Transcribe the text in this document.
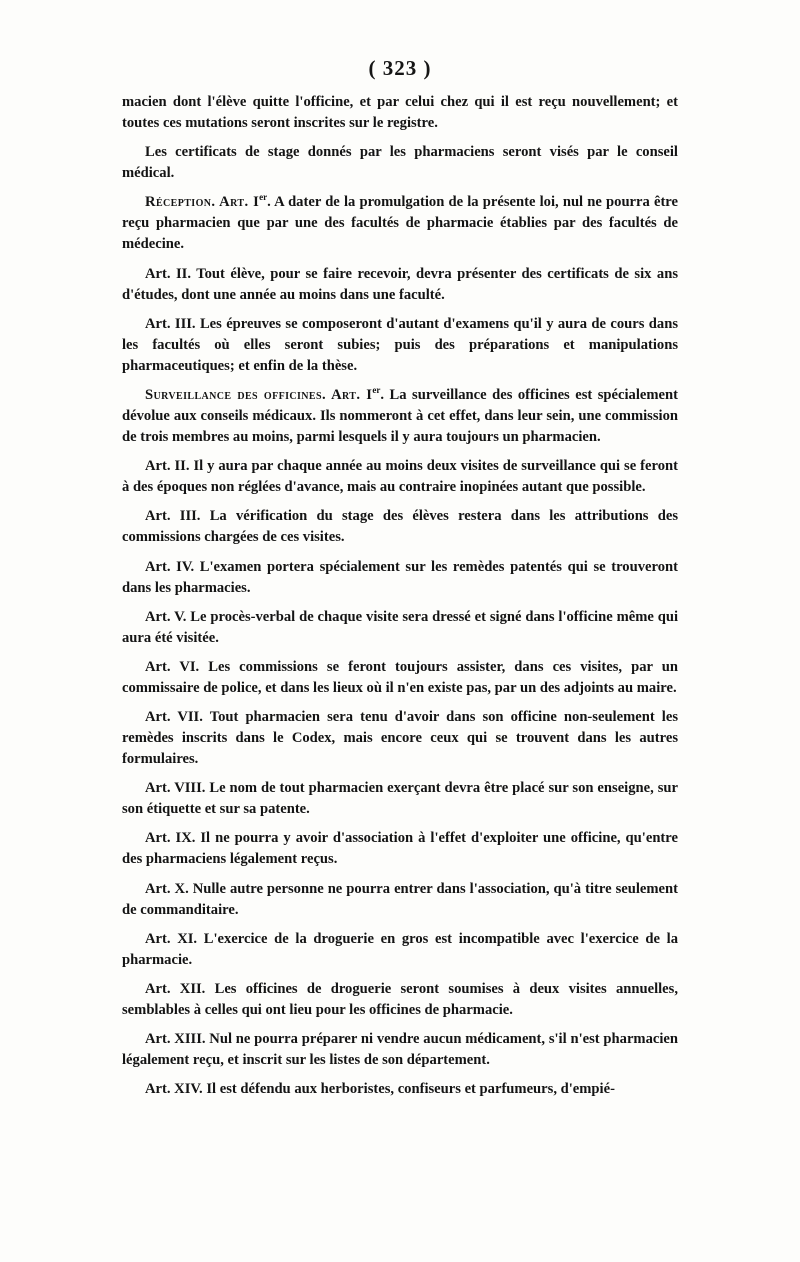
( 323 )

macien dont l'élève quitte l'officine, et par celui chez qui il est reçu nouvellement; et toutes ces mutations seront inscrites sur le registre.

Les certificats de stage donnés par les pharmaciens seront visés par le conseil médical.

Réception. Art. Ier. A dater de la promulgation de la présente loi, nul ne pourra être reçu pharmacien que par une des facultés de pharmacie établies par des facultés de médecine.

Art. II. Tout élève, pour se faire recevoir, devra présenter des certificats de six ans d'études, dont une année au moins dans une faculté.

Art. III. Les épreuves se composeront d'autant d'examens qu'il y aura de cours dans les facultés où elles seront subies; puis des préparations et manipulations pharmaceutiques; et enfin de la thèse.

Surveillance des officines. Art. Ier. La surveillance des officines est spécialement dévolue aux conseils médicaux. Ils nommeront à cet effet, dans leur sein, une commission de trois membres au moins, parmi lesquels il y aura toujours un pharmacien.

Art. II. Il y aura par chaque année au moins deux visites de surveillance qui se feront à des époques non réglées d'avance, mais au contraire inopinées autant que possible.

Art. III. La vérification du stage des élèves restera dans les attributions des commissions chargées de ces visites.

Art. IV. L'examen portera spécialement sur les remèdes patentés qui se trouveront dans les pharmacies.

Art. V. Le procès-verbal de chaque visite sera dressé et signé dans l'officine même qui aura été visitée.

Art. VI. Les commissions se feront toujours assister, dans ces visites, par un commissaire de police, et dans les lieux où il n'en existe pas, par un des adjoints au maire.

Art. VII. Tout pharmacien sera tenu d'avoir dans son officine non-seulement les remèdes inscrits dans le Codex, mais encore ceux qui se trouvent dans les autres formulaires.

Art. VIII. Le nom de tout pharmacien exerçant devra être placé sur son enseigne, sur son étiquette et sur sa patente.

Art. IX. Il ne pourra y avoir d'association à l'effet d'exploiter une officine, qu'entre des pharmaciens légalement reçus.

Art. X. Nulle autre personne ne pourra entrer dans l'association, qu'à titre seulement de commanditaire.

Art. XI. L'exercice de la droguerie en gros est incompatible avec l'exercice de la pharmacie.

Art. XII. Les officines de droguerie seront soumises à deux visites annuelles, semblables à celles qui ont lieu pour les officines de pharmacie.

Art. XIII. Nul ne pourra préparer ni vendre aucun médicament, s'il n'est pharmacien légalement reçu, et inscrit sur les listes de son département.

Art. XIV. Il est défendu aux herboristes, confiseurs et parfumeurs, d'empié-
